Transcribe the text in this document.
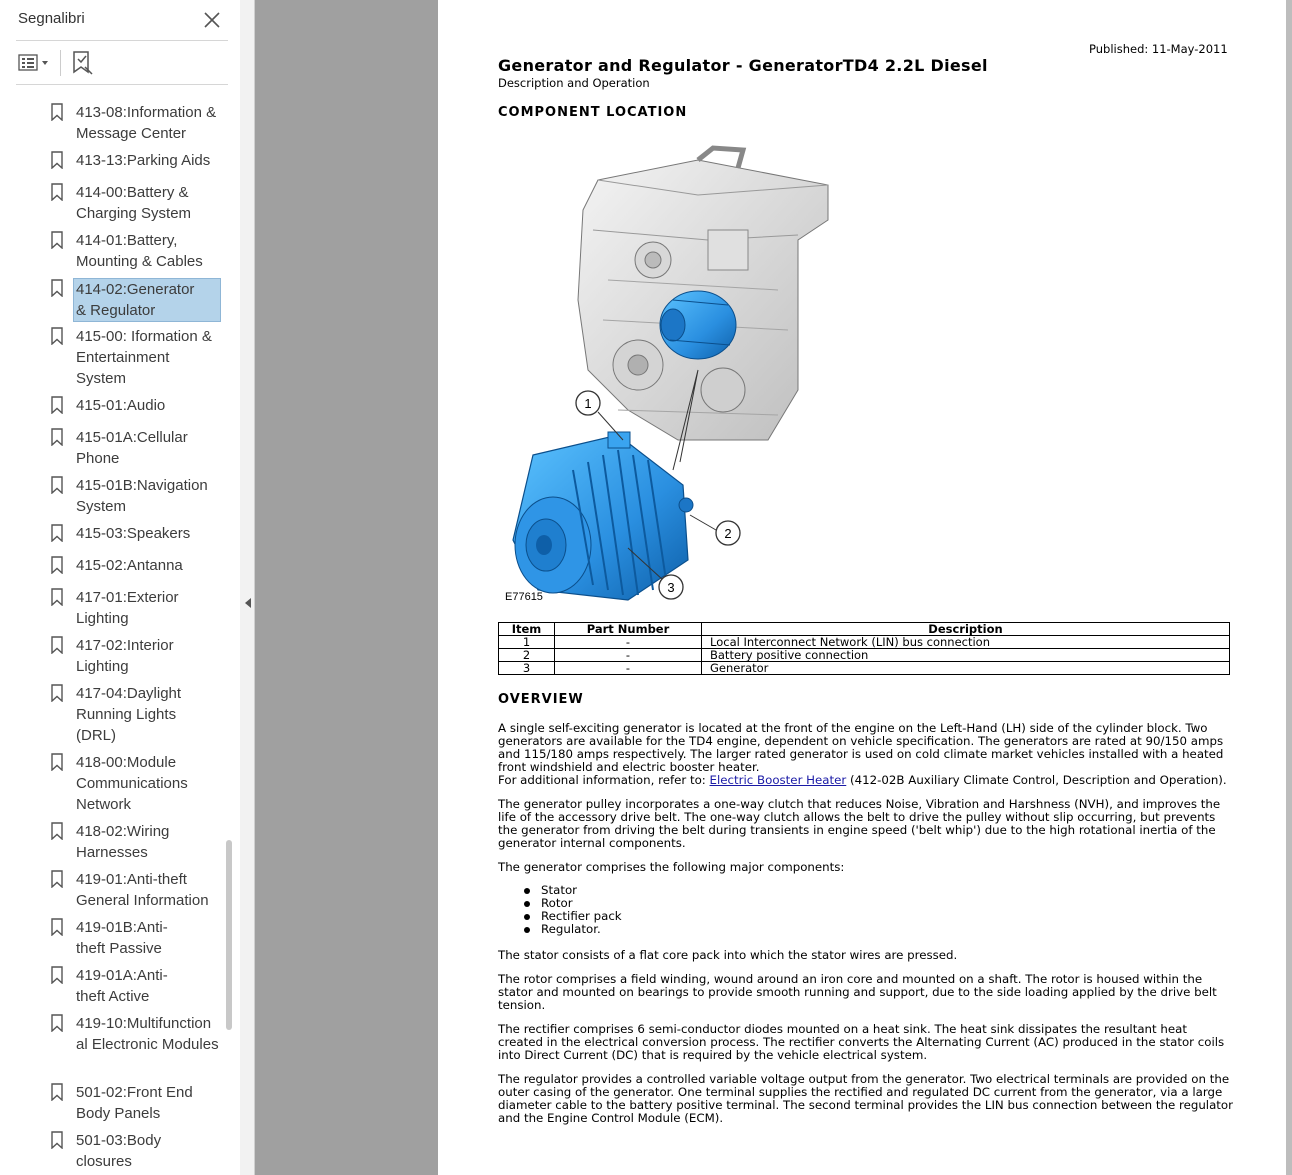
Segnalibri
413-08:Information &
Message Center
413-13:Parking Aids
414-00:Battery &
Charging System
414-01:Battery,
Mounting & Cables
414-02:Generator
& Regulator
415-00: Iformation &
Entertainment
System
415-01:Audio
415-01A:Cellular
Phone
415-01B:Navigation
System
415-03:Speakers
415-02:Antanna
417-01:Exterior
Lighting
417-02:Interior
Lighting
417-04:Daylight
Running Lights (DRL)
418-00:Module
Communications
Network
418-02:Wiring
Harnesses
419-01:Anti-theft
General Information
419-01B:Anti-
theft Passive
419-01A:Anti-
theft Active
419-10:Multifunction
al Electronic Modules
501-02:Front End
Body Panels
501-03:Body
closures
Published: 11-May-2011
Generator and Regulator - GeneratorTD4 2.2L Diesel
Description and Operation
COMPONENT LOCATION
1
2
3
E77615
Item	Part Number	Description
1	-	Local Interconnect Network (LIN) bus connection
2	-	Battery positive connection
3	-	Generator
OVERVIEW
A single self-exciting generator is located at the front of the engine on the Left-Hand (LH) side of the cylinder block. Two generators are available for the TD4 engine, dependent on vehicle specification. The generators are rated at 90/150 amps and 115/180 amps respectively. The larger rated generator is used on cold climate market vehicles installed with a heated front windshield and electric booster heater.
For additional information, refer to: Electric Booster Heater (412-02B Auxiliary Climate Control, Description and Operation).
The generator pulley incorporates a one-way clutch that reduces Noise, Vibration and Harshness (NVH), and improves the life of the accessory drive belt. The one-way clutch allows the belt to drive the pulley without slip occurring, but prevents the generator from driving the belt during transients in engine speed ('belt whip') due to the high rotational inertia of the generator internal components.
The generator comprises the following major components:
Stator
Rotor
Rectifier pack
Regulator.
The stator consists of a flat core pack into which the stator wires are pressed.
The rotor comprises a field winding, wound around an iron core and mounted on a shaft. The rotor is housed within the stator and mounted on bearings to provide smooth running and support, due to the side loading applied by the drive belt tension.
The rectifier comprises 6 semi-conductor diodes mounted on a heat sink. The heat sink dissipates the resultant heat created in the electrical conversion process. The rectifier converts the Alternating Current (AC) produced in the stator coils into Direct Current (DC) that is required by the vehicle electrical system.
The regulator provides a controlled variable voltage output from the generator. Two electrical terminals are provided on the outer casing of the generator. One terminal supplies the rectified and regulated DC current from the generator, via a large diameter cable to the battery positive terminal. The second terminal provides the LIN bus connection between the regulator and the Engine Control Module (ECM).
